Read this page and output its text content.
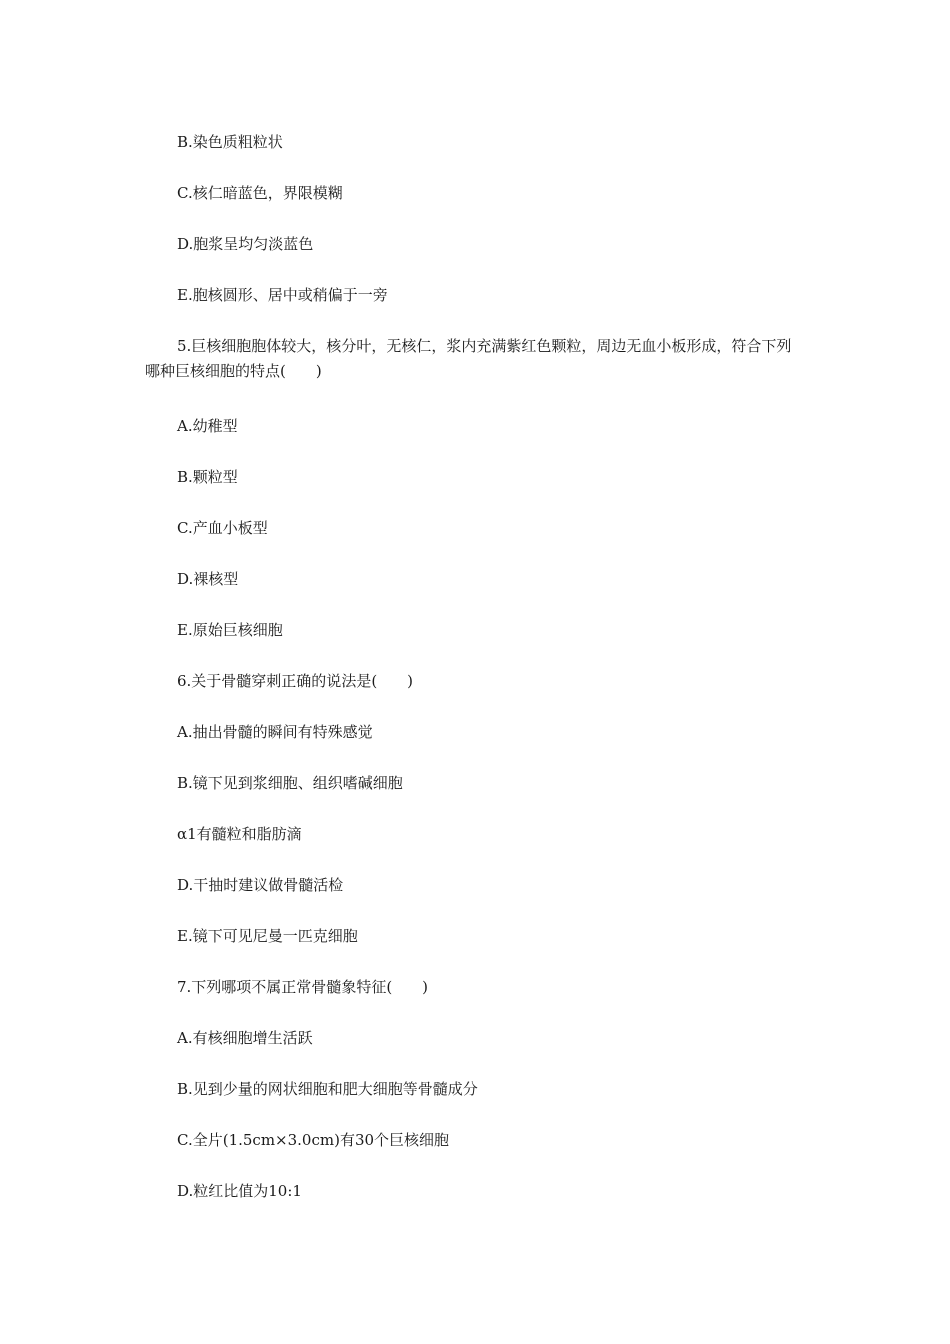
B.染色质粗粒状
C.核仁暗蓝色，界限模糊
D.胞浆呈均匀淡蓝色
E.胞核圆形、居中或稍偏于一旁
5.巨核细胞胞体较大，核分叶，无核仁，浆内充满紫红色颗粒，周边无血小板形成，符合下列哪种巨核细胞的特点(　　)
A.幼稚型
B.颗粒型
C.产血小板型
D.裸核型
E.原始巨核细胞
6.关于骨髓穿刺正确的说法是(　　)
A.抽出骨髓的瞬间有特殊感觉
B.镜下见到浆细胞、组织嗜碱细胞
α1有髓粒和脂肪滴
D.干抽时建议做骨髓活检
E.镜下可见尼曼一匹克细胞
7.下列哪项不属正常骨髓象特征(　　)
A.有核细胞增生活跃
B.见到少量的网状细胞和肥大细胞等骨髓成分
C.全片(1.5cm×3.0cm)有30个巨核细胞
D.粒红比值为10:1
